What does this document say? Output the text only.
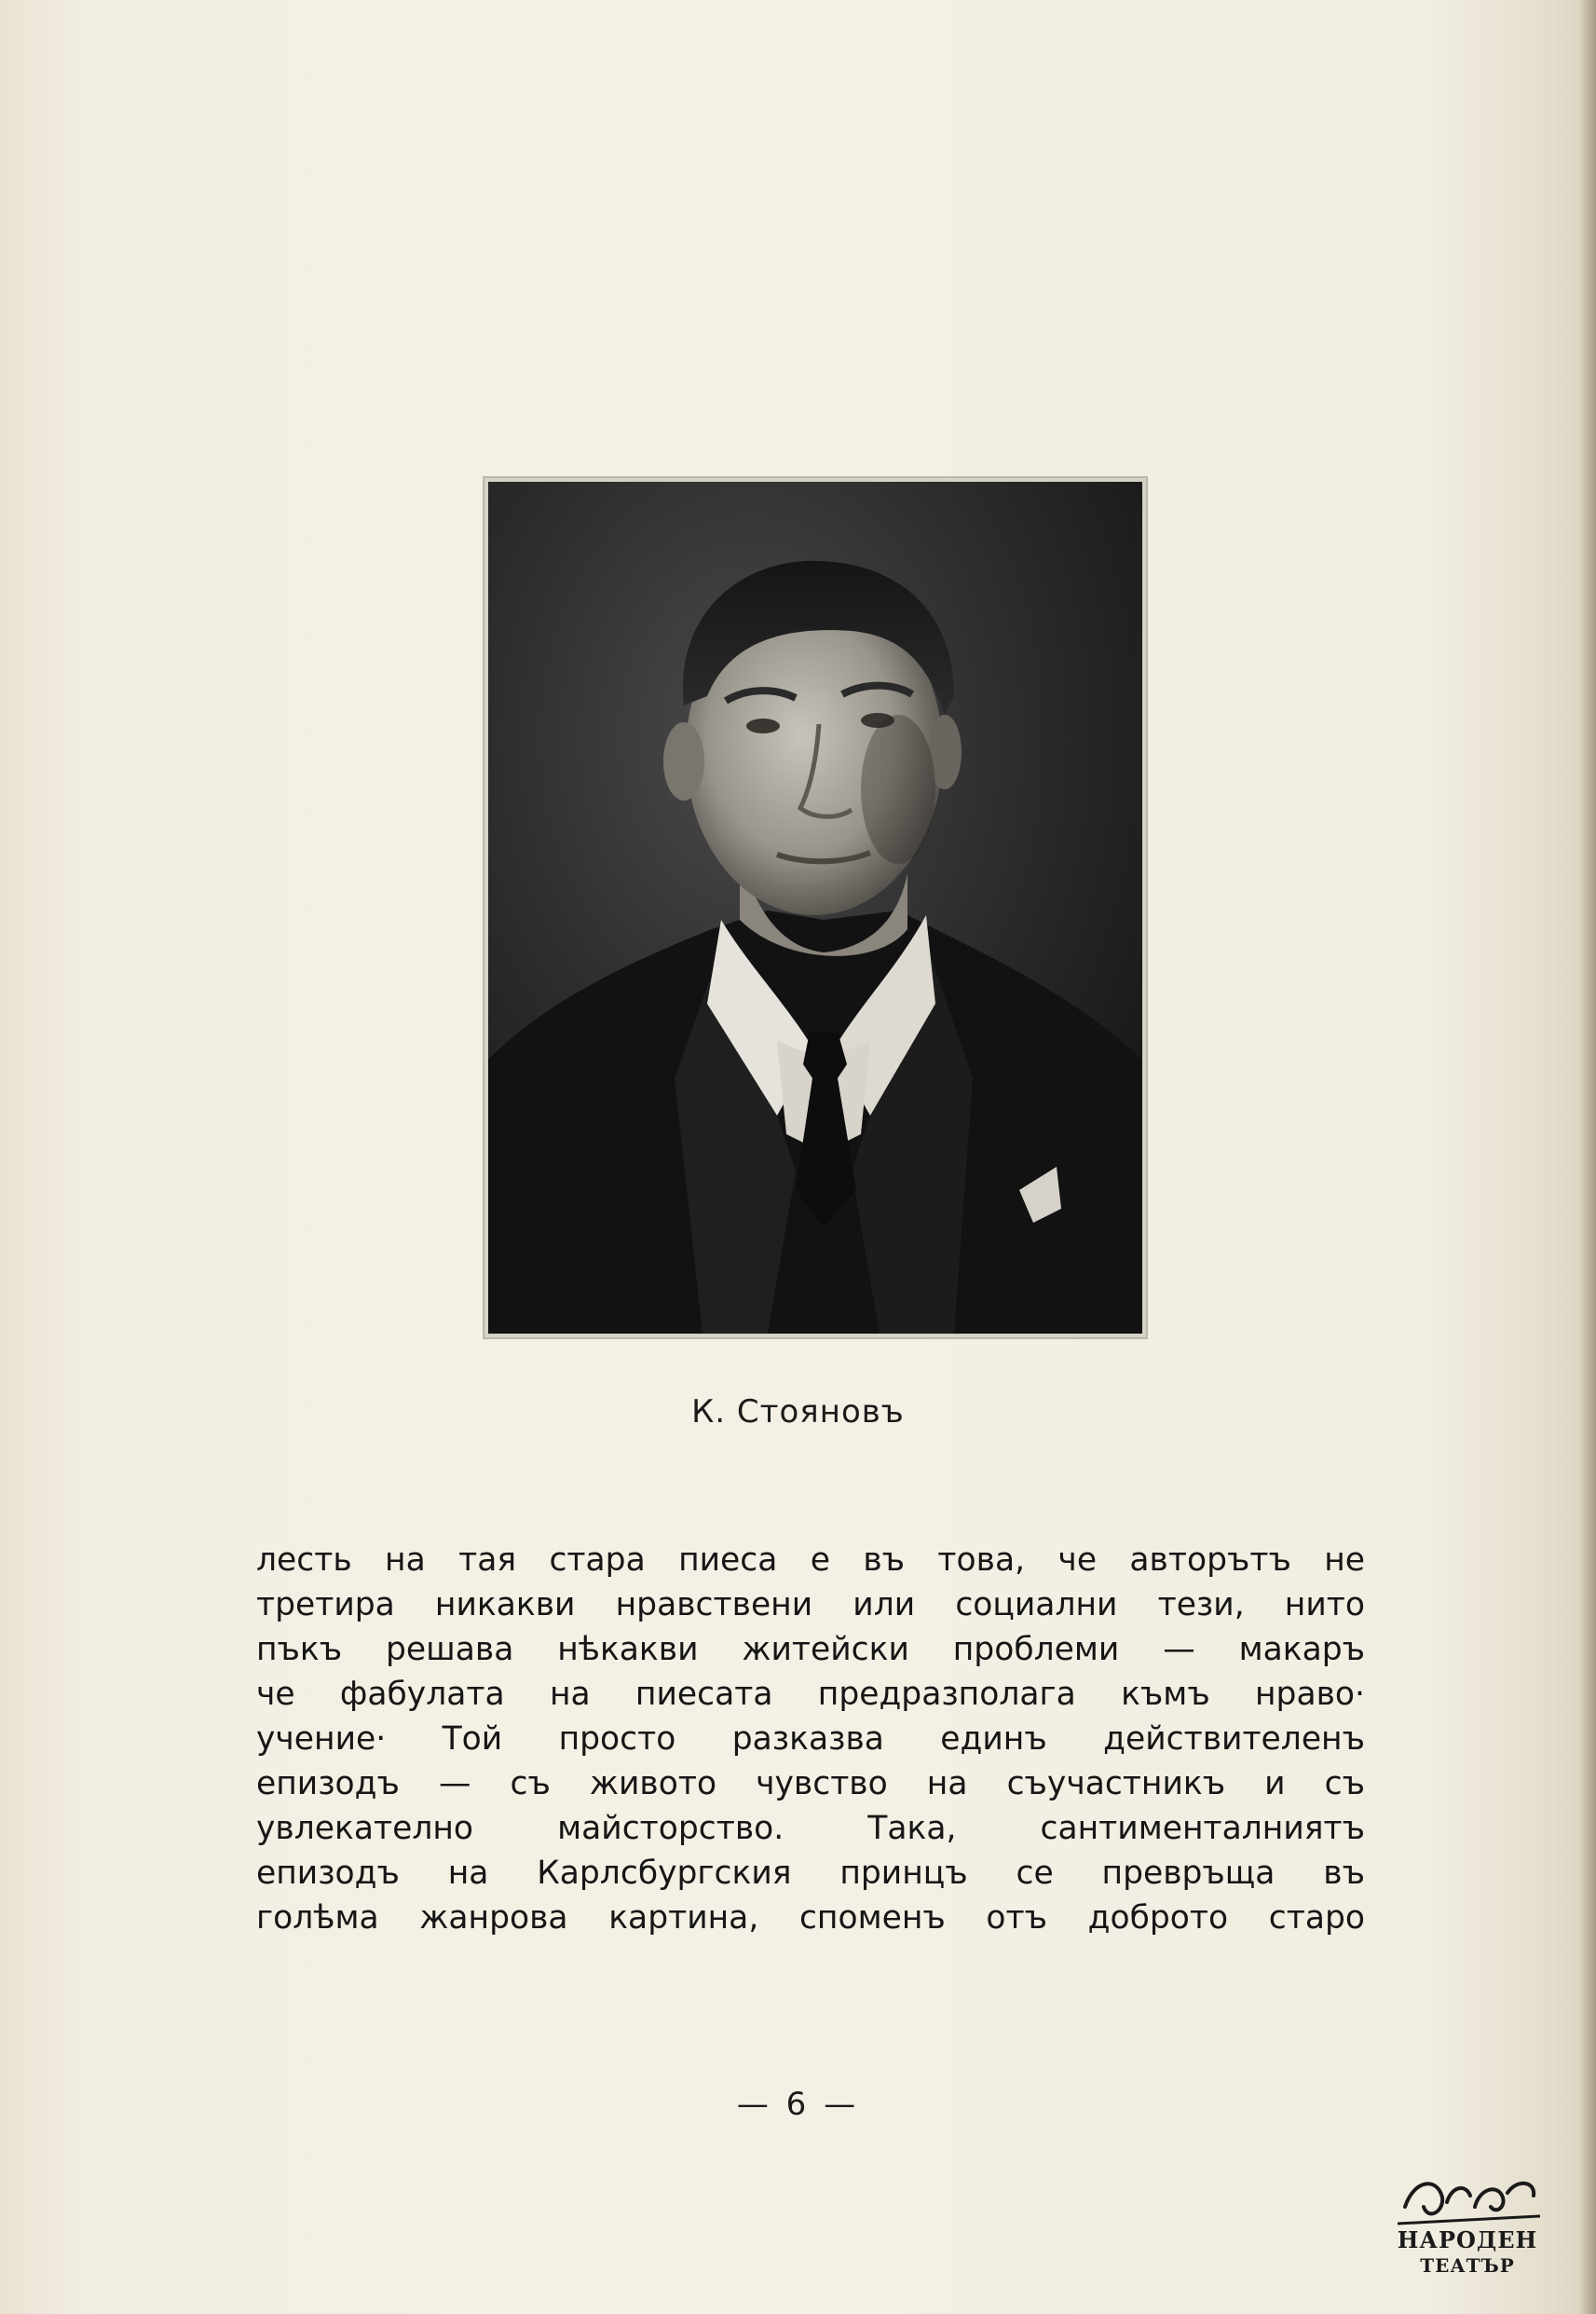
К. Стояновъ
лесть на тая стара пиеса е въ това, че авторътъ не
третира никакви нравствени или социални тези, нито
пъкъ решава нѣкакви житейски проблеми — макаръ
че фабулата на пиесата предразполага къмъ нраво·
учение· Той просто разказва единъ действителенъ
епизодъ — съ живото чувство на съучастникъ и съ
увлекателно майсторство. Така, сантименталниятъ
епизодъ на Карлсбургския принцъ се превръща въ
голѣма жанрова картина, споменъ отъ доброто старо
— 6 —
НАРОДЕН
ТЕАТЪР
